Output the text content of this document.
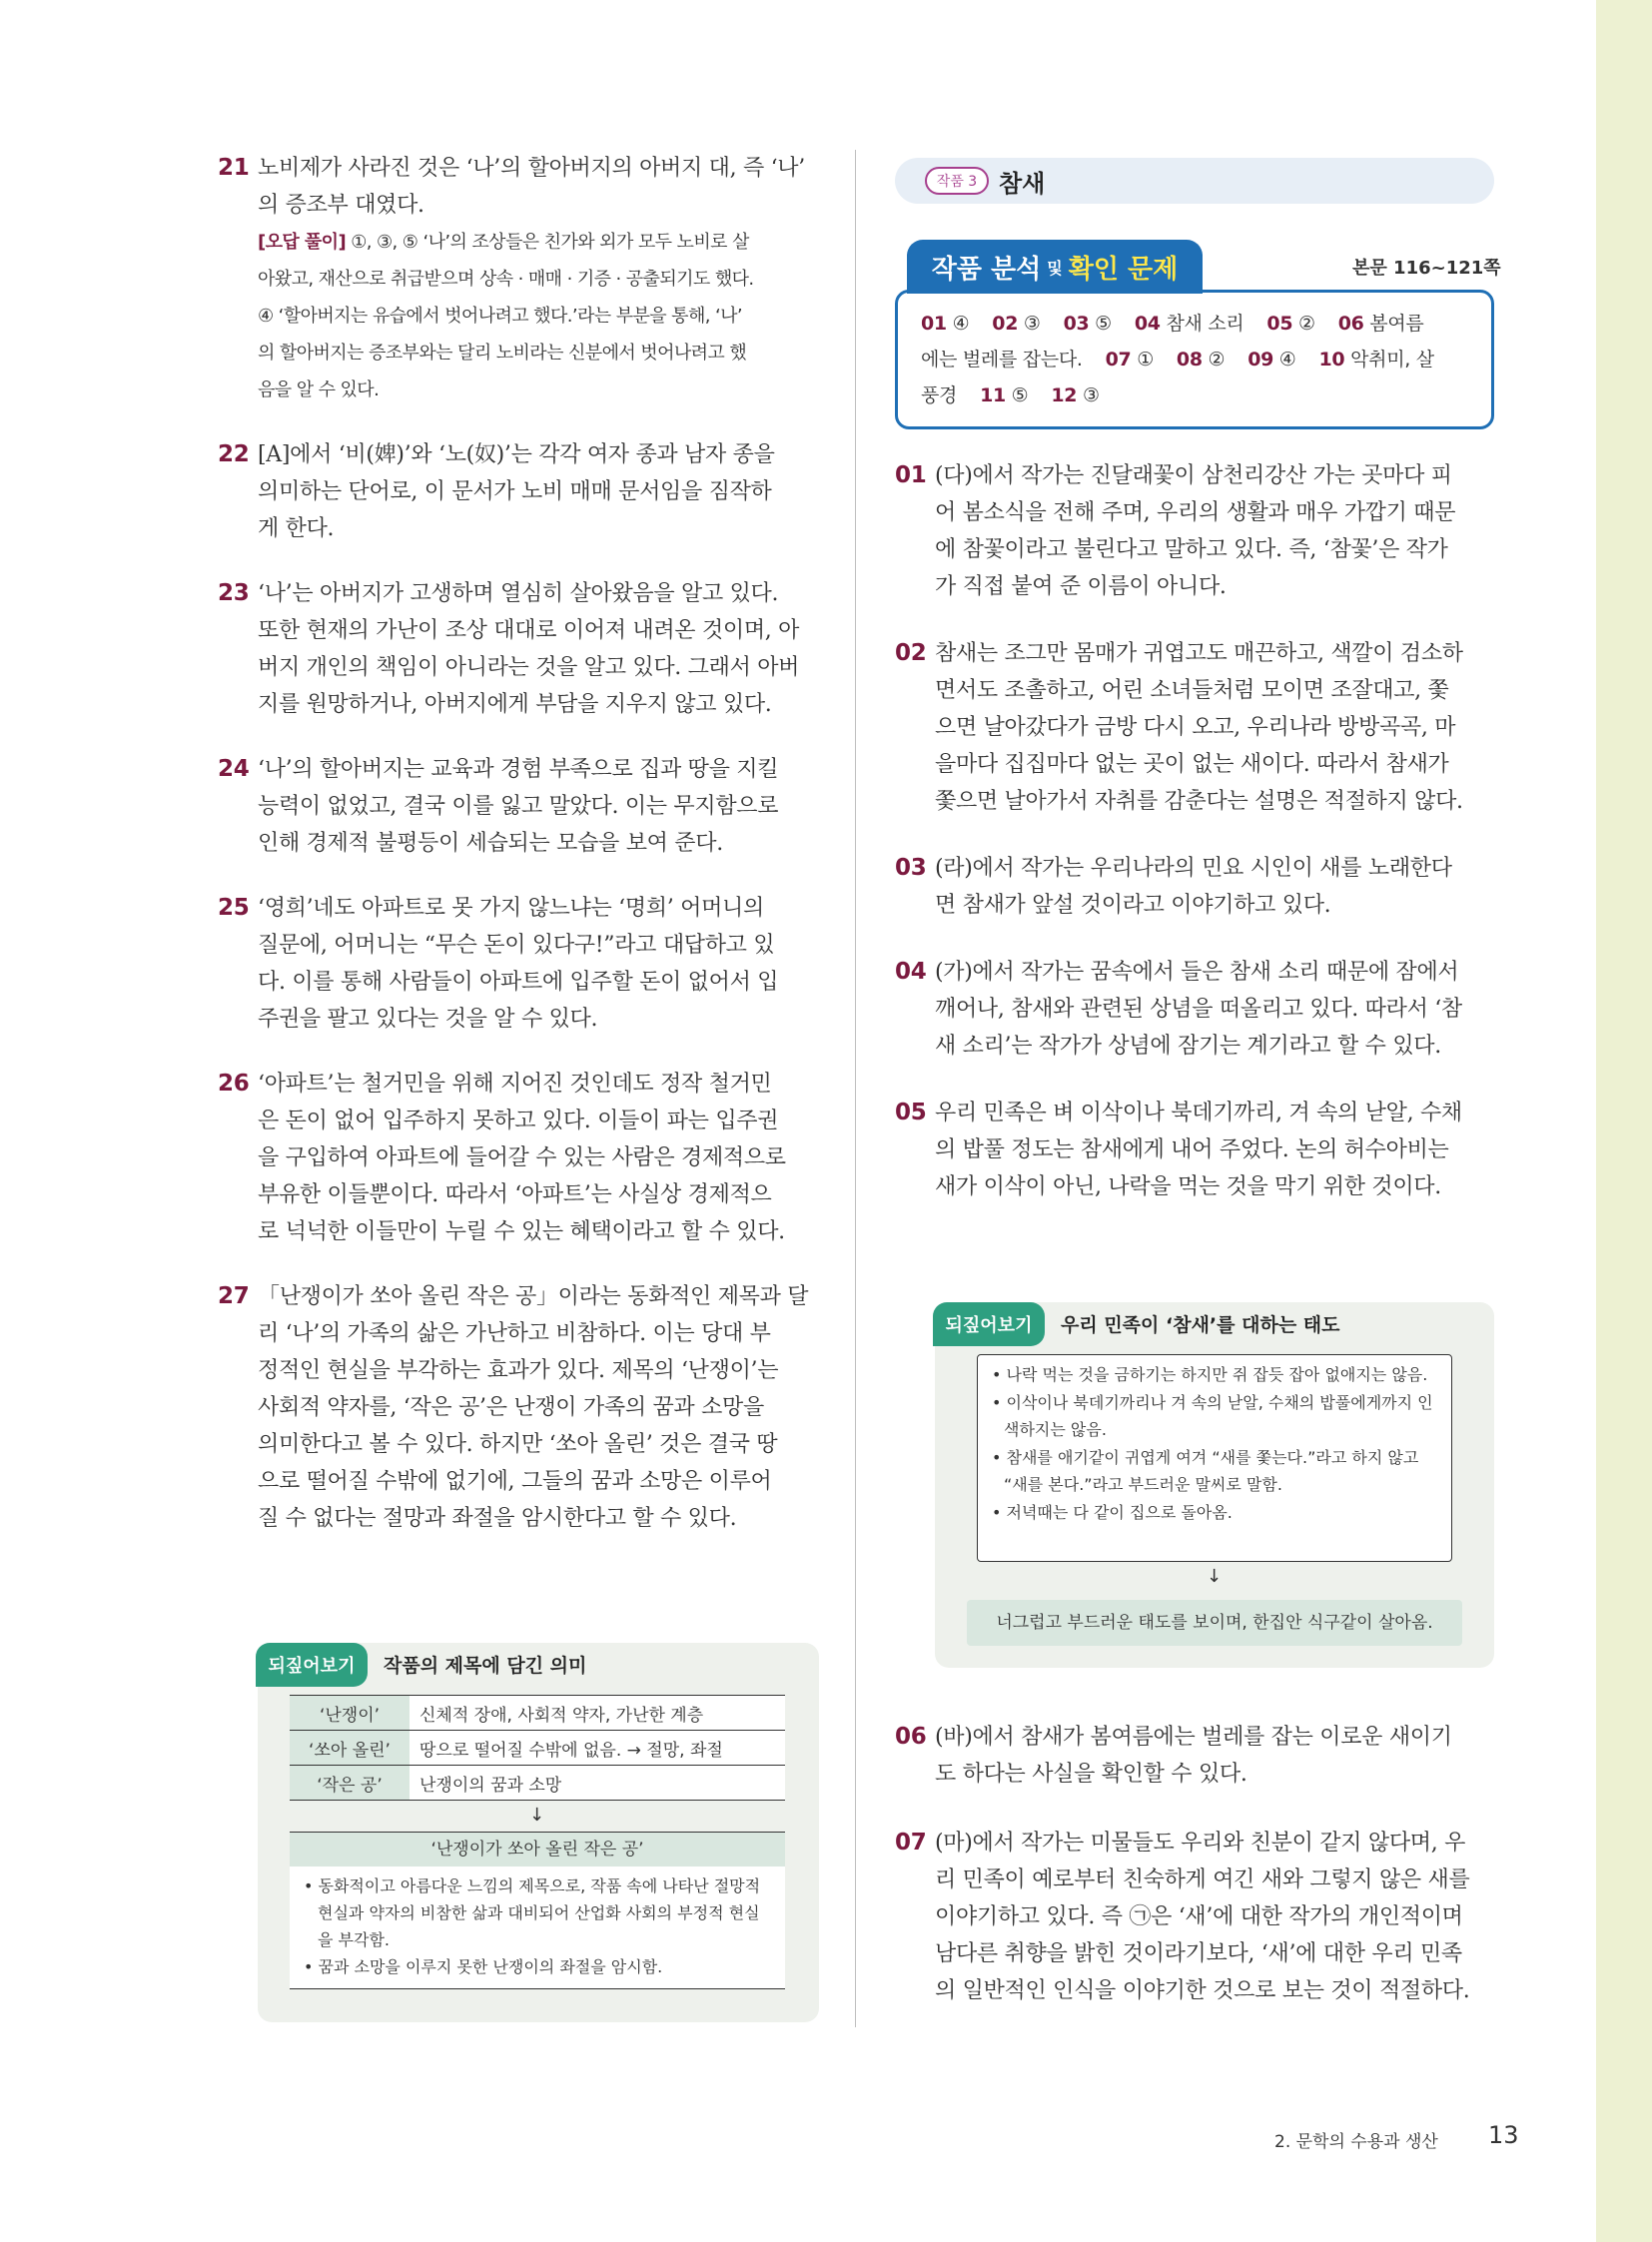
21 노비제가 사라진 것은 ‘나’의 할아버지의 아버지 대, 즉 ‘나’
의 증조부 대였다.
[오답 풀이] ①, ③, ⑤ ‘나’의 조상들은 친가와 외가 모두 노비로 살
아왔고, 재산으로 취급받으며 상속 · 매매 · 기증 · 공출되기도 했다.
④ ‘할아버지는 유습에서 벗어나려고 했다.’라는 부분을 통해, ‘나’
의 할아버지는 증조부와는 달리 노비라는 신분에서 벗어나려고 했
음을 알 수 있다.
22 [A]에서 ‘비(婢)’와 ‘노(奴)’는 각각 여자 종과 남자 종을
의미하는 단어로, 이 문서가 노비 매매 문서임을 짐작하
게 한다.
23 ‘나’는 아버지가 고생하며 열심히 살아왔음을 알고 있다.
또한 현재의 가난이 조상 대대로 이어져 내려온 것이며, 아
버지 개인의 책임이 아니라는 것을 알고 있다. 그래서 아버
지를 원망하거나, 아버지에게 부담을 지우지 않고 있다.
24 ‘나’의 할아버지는 교육과 경험 부족으로 집과 땅을 지킬
능력이 없었고, 결국 이를 잃고 말았다. 이는 무지함으로
인해 경제적 불평등이 세습되는 모습을 보여 준다.
25 ‘영희’네도 아파트로 못 가지 않느냐는 ‘명희’ 어머니의
질문에, 어머니는 “무슨 돈이 있다구!”라고 대답하고 있
다. 이를 통해 사람들이 아파트에 입주할 돈이 없어서 입
주권을 팔고 있다는 것을 알 수 있다.
26 ‘아파트’는 철거민을 위해 지어진 것인데도 정작 철거민
은 돈이 없어 입주하지 못하고 있다. 이들이 파는 입주권
을 구입하여 아파트에 들어갈 수 있는 사람은 경제적으로
부유한 이들뿐이다. 따라서 ‘아파트’는 사실상 경제적으
로 넉넉한 이들만이 누릴 수 있는 혜택이라고 할 수 있다.
27 「난쟁이가 쏘아 올린 작은 공」이라는 동화적인 제목과 달
리 ‘나’의 가족의 삶은 가난하고 비참하다. 이는 당대 부
정적인 현실을 부각하는 효과가 있다. 제목의 ‘난쟁이’는
사회적 약자를, ‘작은 공’은 난쟁이 가족의 꿈과 소망을
의미한다고 볼 수 있다. 하지만 ‘쏘아 올린’ 것은 결국 땅
으로 떨어질 수밖에 없기에, 그들의 꿈과 소망은 이루어
질 수 없다는 절망과 좌절을 암시한다고 할 수 있다.
되짚어보기	작품의 제목에 담긴 의미
‘난쟁이’	신체적 장애, 사회적 약자, 가난한 계층
‘쏘아 올린’	땅으로 떨어질 수밖에 없음. → 절망, 좌절
‘작은 공’	난쟁이의 꿈과 소망
↓
‘난쟁이가 쏘아 올린 작은 공’
• 동화적이고 아름다운 느낌의 제목으로, 작품 속에 나타난 절망적 현실과 약자의 비참한 삶과 대비되어 산업화 사회의 부정적 현실을 부각함.
• 꿈과 소망을 이루지 못한 난쟁이의 좌절을 암시함.
작품 3 참새
작품 분석 및 확인 문제	본문 116~121쪽
01 ④ 02 ③ 03 ⑤ 04 참새 소리 05 ② 06 봄여름
에는 벌레를 잡는다. 07 ① 08 ② 09 ④ 10 악취미, 살
풍경 11 ⑤ 12 ③
01 (다)에서 작가는 진달래꽃이 삼천리강산 가는 곳마다 피
어 봄소식을 전해 주며, 우리의 생활과 매우 가깝기 때문
에 참꽃이라고 불린다고 말하고 있다. 즉, ‘참꽃’은 작가
가 직접 붙여 준 이름이 아니다.
02 참새는 조그만 몸매가 귀엽고도 매끈하고, 색깔이 검소하
면서도 조촐하고, 어린 소녀들처럼 모이면 조잘대고, 쫓
으면 날아갔다가 금방 다시 오고, 우리나라 방방곡곡, 마
을마다 집집마다 없는 곳이 없는 새이다. 따라서 참새가
쫓으면 날아가서 자취를 감춘다는 설명은 적절하지 않다.
03 (라)에서 작가는 우리나라의 민요 시인이 새를 노래한다
면 참새가 앞설 것이라고 이야기하고 있다.
04 (가)에서 작가는 꿈속에서 들은 참새 소리 때문에 잠에서
깨어나, 참새와 관련된 상념을 떠올리고 있다. 따라서 ‘참
새 소리’는 작가가 상념에 잠기는 계기라고 할 수 있다.
05 우리 민족은 벼 이삭이나 북데기까리, 겨 속의 낟알, 수채
의 밥풀 정도는 참새에게 내어 주었다. 논의 허수아비는
새가 이삭이 아닌, 나락을 먹는 것을 막기 위한 것이다.
되짚어보기	우리 민족이 ‘참새’를 대하는 태도
• 나락 먹는 것을 금하기는 하지만 쥐 잡듯 잡아 없애지는 않음.
• 이삭이나 북데기까리나 겨 속의 낟알, 수채의 밥풀에게까지 인색하지는 않음.
• 참새를 애기같이 귀엽게 여겨 “새를 쫓는다.”라고 하지 않고 “새를 본다.”라고 부드러운 말씨로 말함.
• 저녁때는 다 같이 집으로 돌아옴.
↓
너그럽고 부드러운 태도를 보이며, 한집안 식구같이 살아옴.
06 (바)에서 참새가 봄여름에는 벌레를 잡는 이로운 새이기
도 하다는 사실을 확인할 수 있다.
07 (마)에서 작가는 미물들도 우리와 친분이 같지 않다며, 우
리 민족이 예로부터 친숙하게 여긴 새와 그렇지 않은 새를
이야기하고 있다. 즉 ㉠은 ‘새’에 대한 작가의 개인적이며
남다른 취향을 밝힌 것이라기보다, ‘새’에 대한 우리 민족
의 일반적인 인식을 이야기한 것으로 보는 것이 적절하다.
2. 문학의 수용과 생산 13
